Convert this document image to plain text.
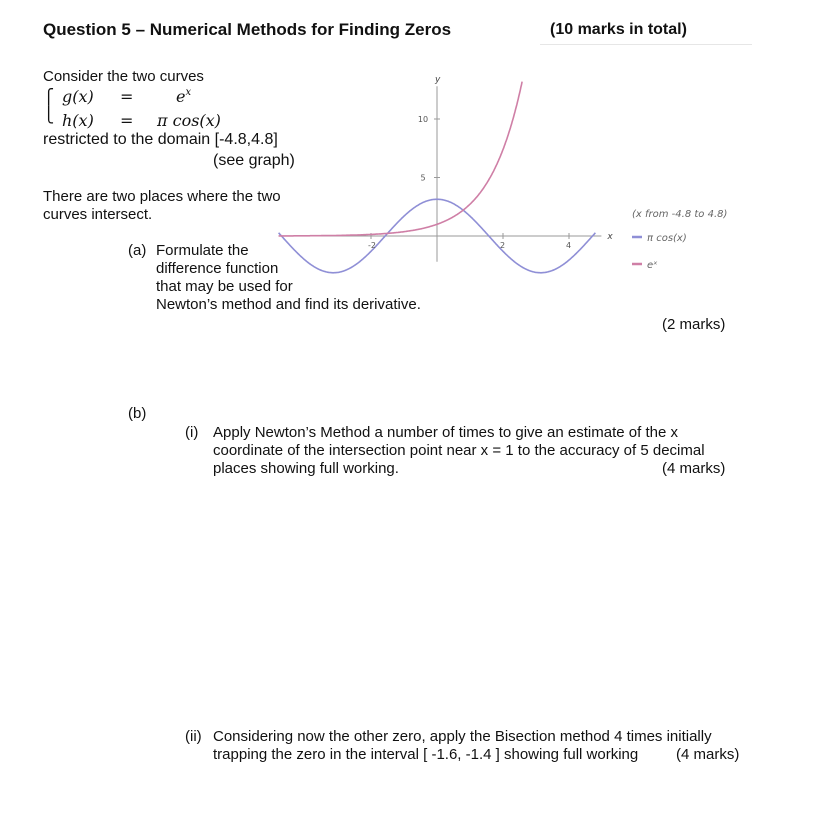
Question 5 – Numerical Methods for Finding Zeros	(10 marks in total)
Consider the two curves
⎧
⎩
g(x) =	$e^x$
h(x) = π cos(x)
restricted to the domain [-4.8,4.8]
(see graph)
There are two places where the two
curves intersect.
-2	2	4
5
10
x
y
(x from -4.8 to 4.8)
π cos(x)
eˣ
(a) Formulate the
difference function
that may be used for
Newton’s method and find its derivative.
(2 marks)
(b)
(i) Apply Newton’s Method a number of times to give an estimate of the x
coordinate of the intersection point near x = 1 to the accuracy of 5 decimal
places showing full working.	(4 marks)
(ii) Considering now the other zero, apply the Bisection method 4 times initially
trapping the zero in the interval [ -1.6, -1.4 ] showing full working	(4 marks)
